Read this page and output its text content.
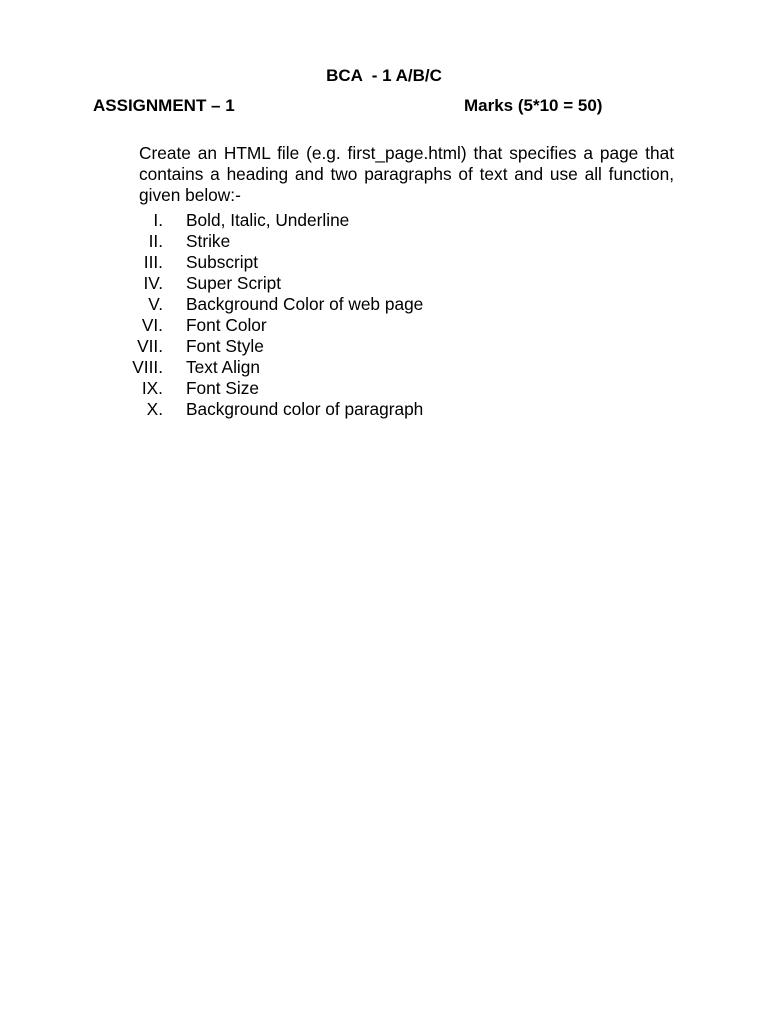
BCA  - 1 A/B/C
ASSIGNMENT – 1	Marks (5*10 = 50)

Create an HTML file (e.g. first_page.html) that specifies a page that contains a heading and two paragraphs of text and use all function, given below:-

I. Bold, Italic, Underline
II. Strike
III. Subscript
IV. Super Script
V. Background Color of web page
VI. Font Color
VII. Font Style
VIII. Text Align
IX. Font Size
X. Background color of paragraph
